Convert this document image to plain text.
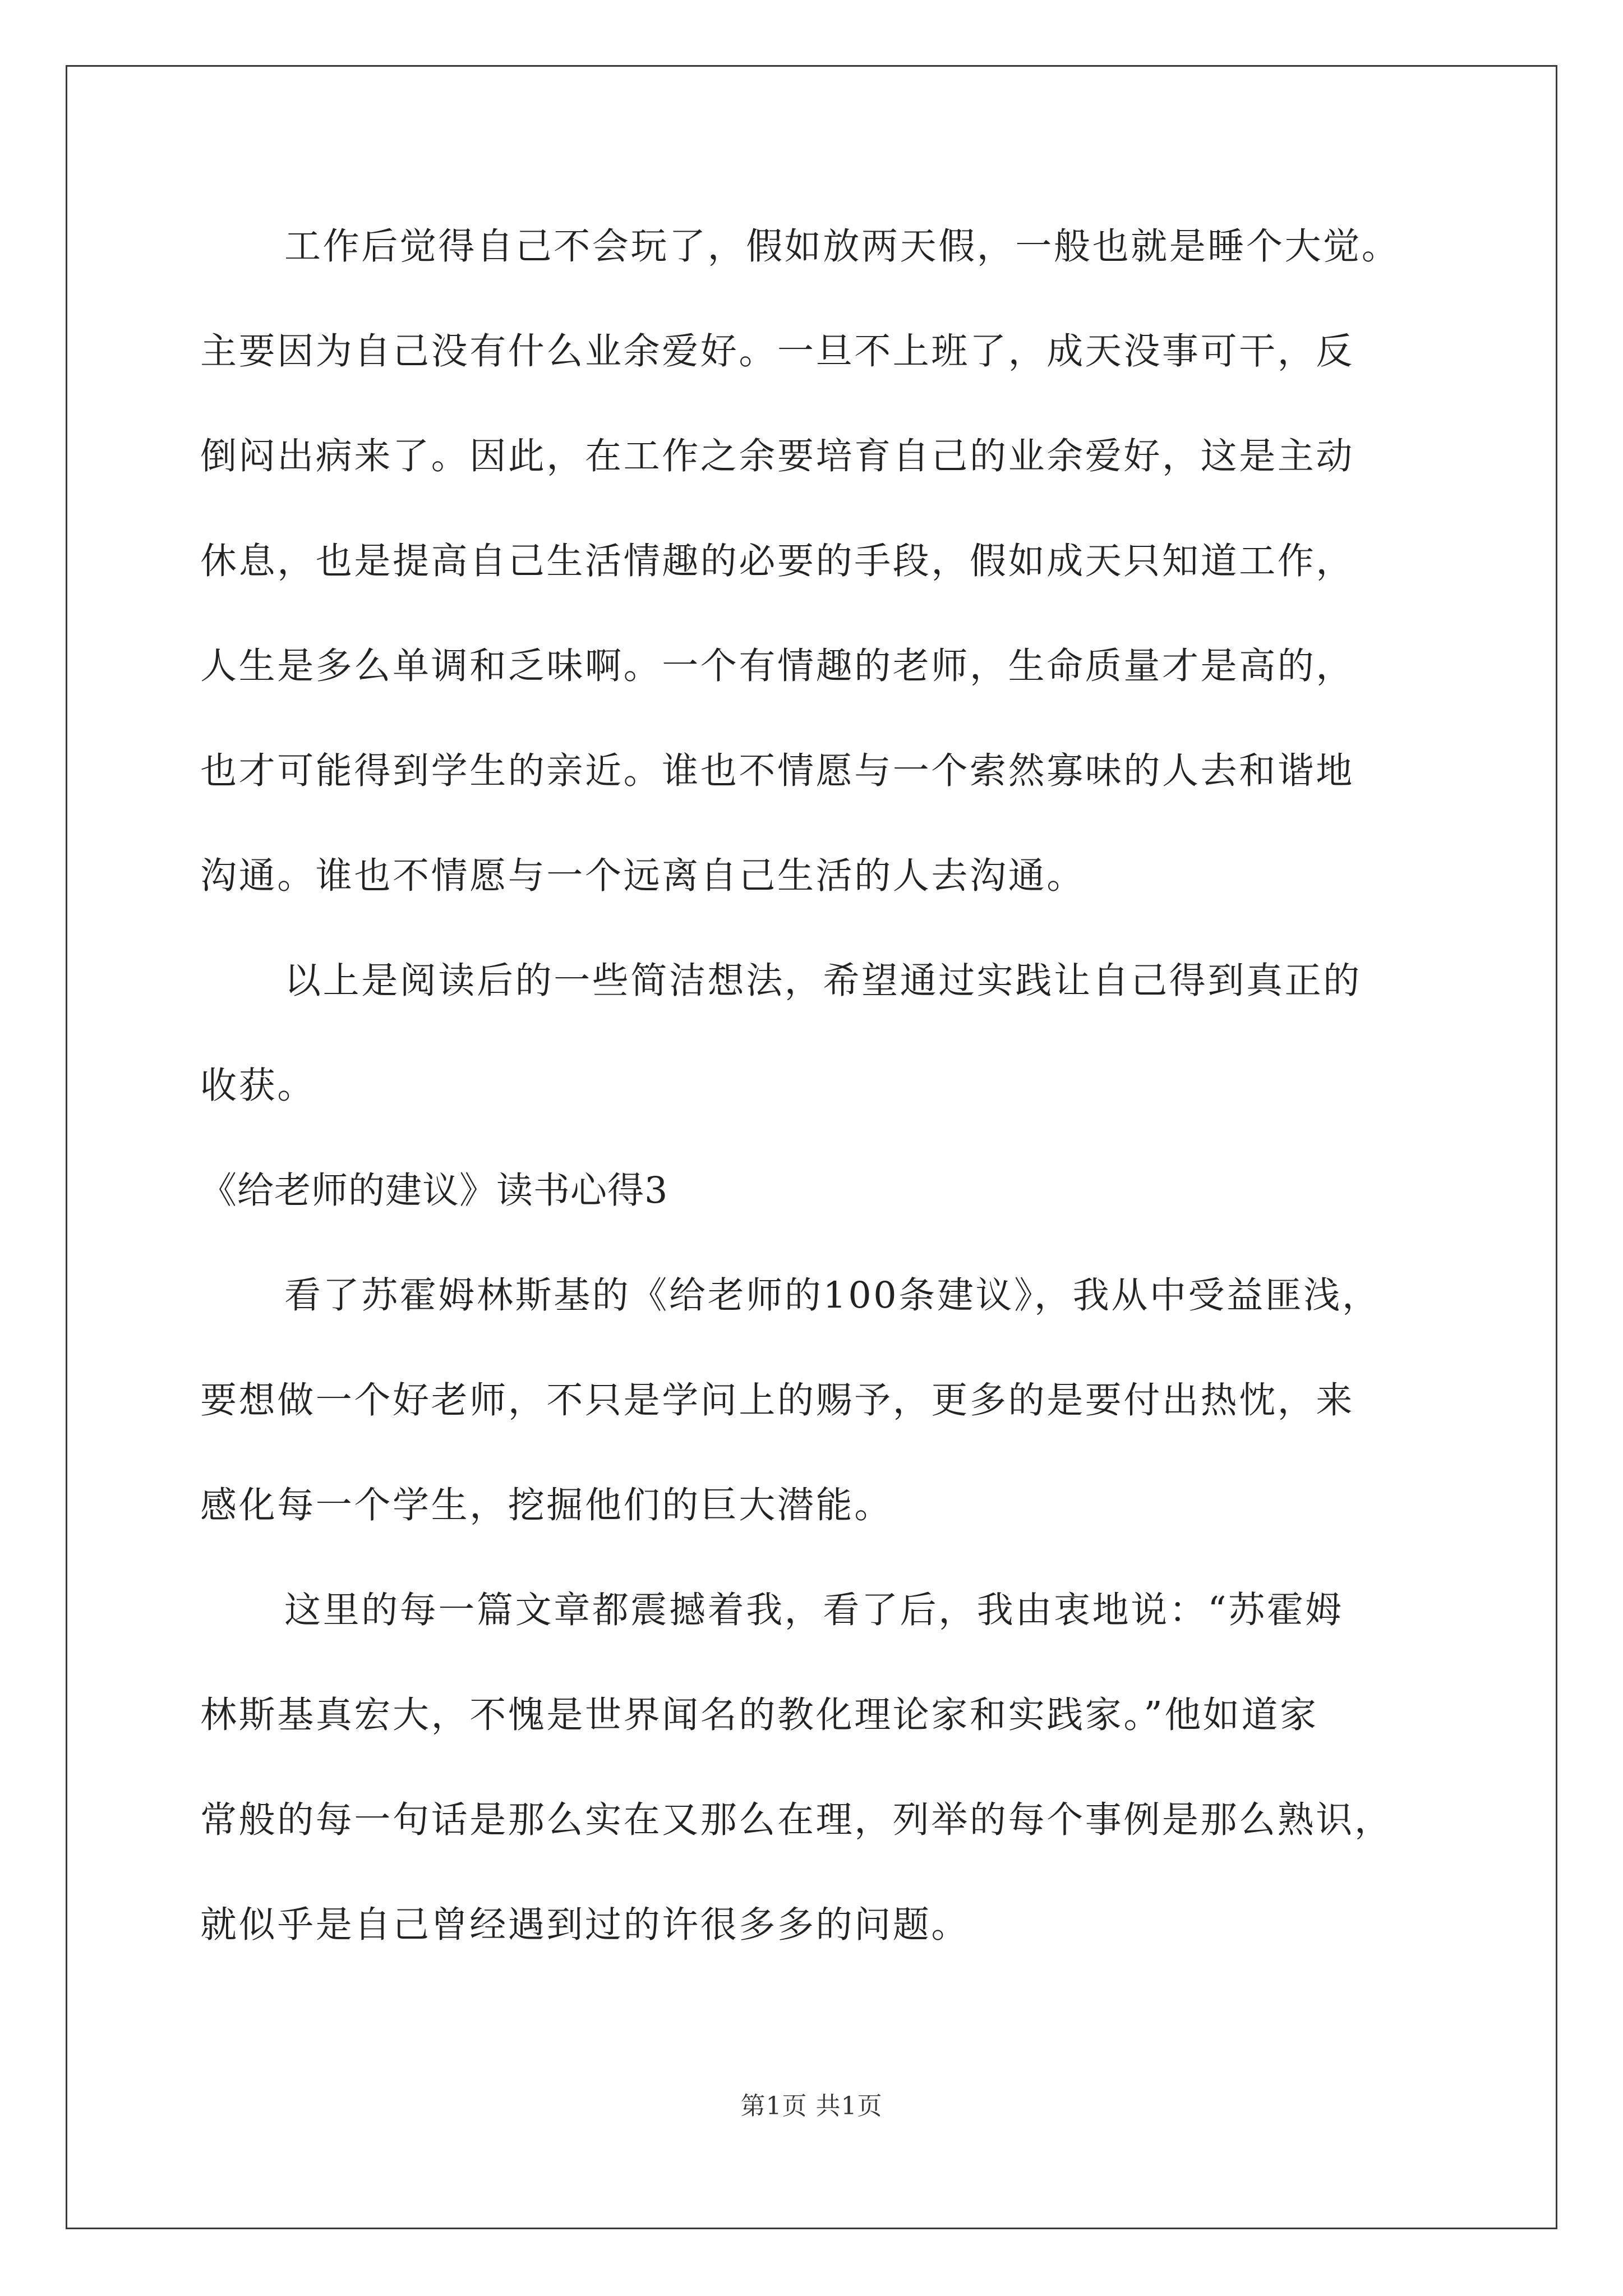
工作后觉得自己不会玩了，假如放两天假，一般也就是睡个大觉。
主要因为自己没有什么业余爱好。一旦不上班了，成天没事可干，反
倒闷出病来了。因此，在工作之余要培育自己的业余爱好，这是主动
休息，也是提高自己生活情趣的必要的手段，假如成天只知道工作，
人生是多么单调和乏味啊。一个有情趣的老师，生命质量才是高的，
也才可能得到学生的亲近。谁也不情愿与一个索然寡味的人去和谐地
沟通。谁也不情愿与一个远离自己生活的人去沟通。
以上是阅读后的一些简洁想法，希望通过实践让自己得到真正的
收获。
《给老师的建议》读书心得3
看了苏霍姆林斯基的《给老师的100条建议》，我从中受益匪浅，
要想做一个好老师，不只是学问上的赐予，更多的是要付出热忱，来
感化每一个学生，挖掘他们的巨大潜能。
这里的每一篇文章都震撼着我，看了后，我由衷地说：“苏霍姆
林斯基真宏大，不愧是世界闻名的教化理论家和实践家。”他如道家
常般的每一句话是那么实在又那么在理，列举的每个事例是那么熟识，
就似乎是自己曾经遇到过的许很多多的问题。
第1页 共1页
